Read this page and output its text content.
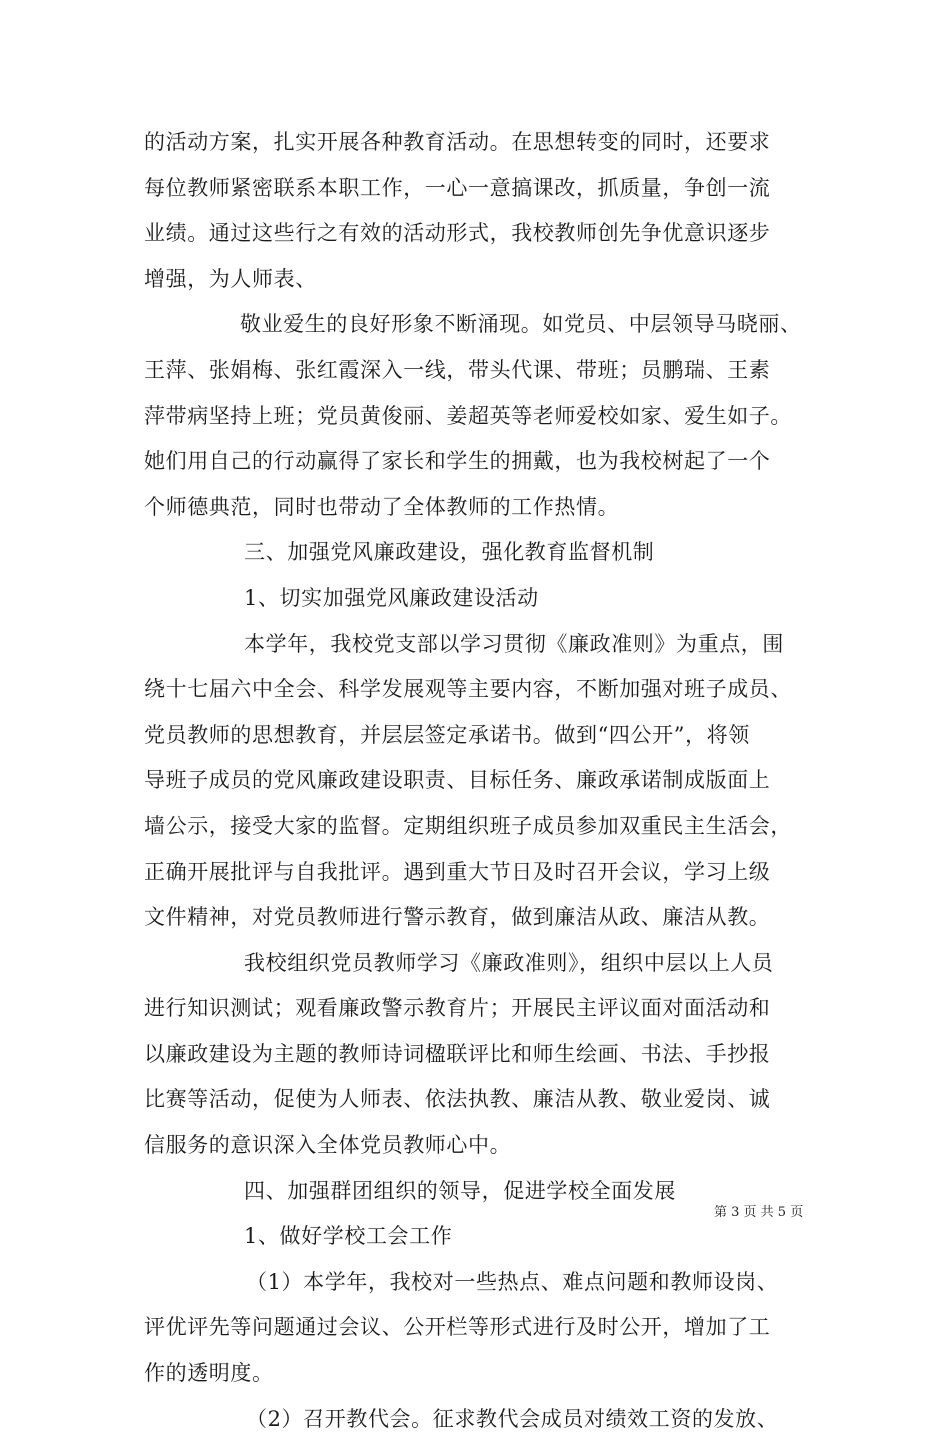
的活动方案，扎实开展各种教育活动。在思想转变的同时，还要求
每位教师紧密联系本职工作，一心一意搞课改，抓质量，争创一流
业绩。通过这些行之有效的活动形式，我校教师创先争优意识逐步
增强，为人师表、
敬业爱生的良好形象不断涌现。如党员、中层领导马晓丽、
王萍、张娟梅、张红霞深入一线，带头代课、带班；员鹏瑞、王素
萍带病坚持上班；党员黄俊丽、姜超英等老师爱校如家、爱生如子。
她们用自己的行动赢得了家长和学生的拥戴，也为我校树起了一个
个师德典范，同时也带动了全体教师的工作热情。
三、加强党风廉政建设，强化教育监督机制
1、切实加强党风廉政建设活动
本学年，我校党支部以学习贯彻《廉政准则》为重点，围
绕十七届六中全会、科学发展观等主要内容，不断加强对班子成员、
党员教师的思想教育，并层层签定承诺书。做到“四公开”，将领
导班子成员的党风廉政建设职责、目标任务、廉政承诺制成版面上
墙公示，接受大家的监督。定期组织班子成员参加双重民主生活会，
正确开展批评与自我批评。遇到重大节日及时召开会议，学习上级
文件精神，对党员教师进行警示教育，做到廉洁从政、廉洁从教。
我校组织党员教师学习《廉政准则》，组织中层以上人员
进行知识测试；观看廉政警示教育片；开展民主评议面对面活动和
以廉政建设为主题的教师诗词楹联评比和师生绘画、书法、手抄报
比赛等活动，促使为人师表、依法执教、廉洁从教、敬业爱岗、诚
信服务的意识深入全体党员教师心中。
四、加强群团组织的领导，促进学校全面发展
1、做好学校工会工作
（1）本学年，我校对一些热点、难点问题和教师设岗、
评优评先等问题通过会议、公开栏等形式进行及时公开，增加了工
作的透明度。
（2）召开教代会。征求教代会成员对绩效工资的发放、
第 3 页 共 5 页
